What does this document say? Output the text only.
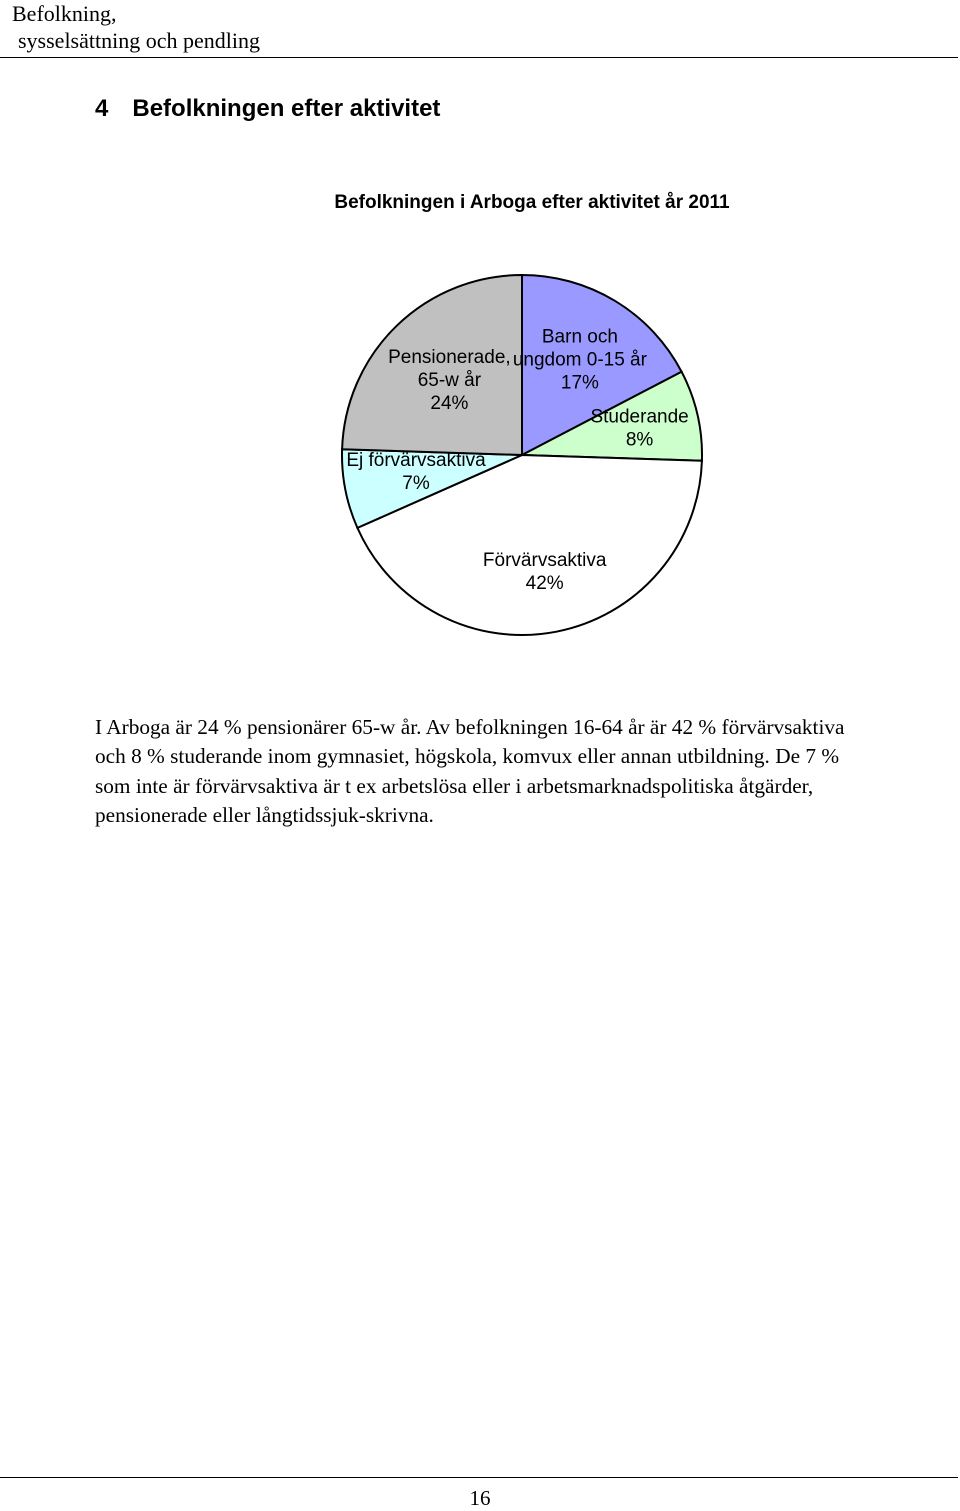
Befolkning,
sysselsättning och pendling
4 Befolkningen efter aktivitet
Befolkningen i Arboga efter aktivitet år 2011
Barn och ungdom 0-15 år 17%
Studerande 8%
Förvärvsaktiva 42%
Ej förvärvsaktiva 7%
Pensionerade, 65-w år 24%

I Arboga är 24 % pensionärer 65-w år. Av befolkningen 16-64 år är 42 % förvärvsaktiva och 8 % studerande inom gymnasiet, högskola, komvux eller annan utbildning. De 7 % som inte är förvärvsaktiva är t ex arbetslösa eller i arbetsmarknadspolitiska åtgärder, pensionerade eller långtidssjuk-skrivna.

16
